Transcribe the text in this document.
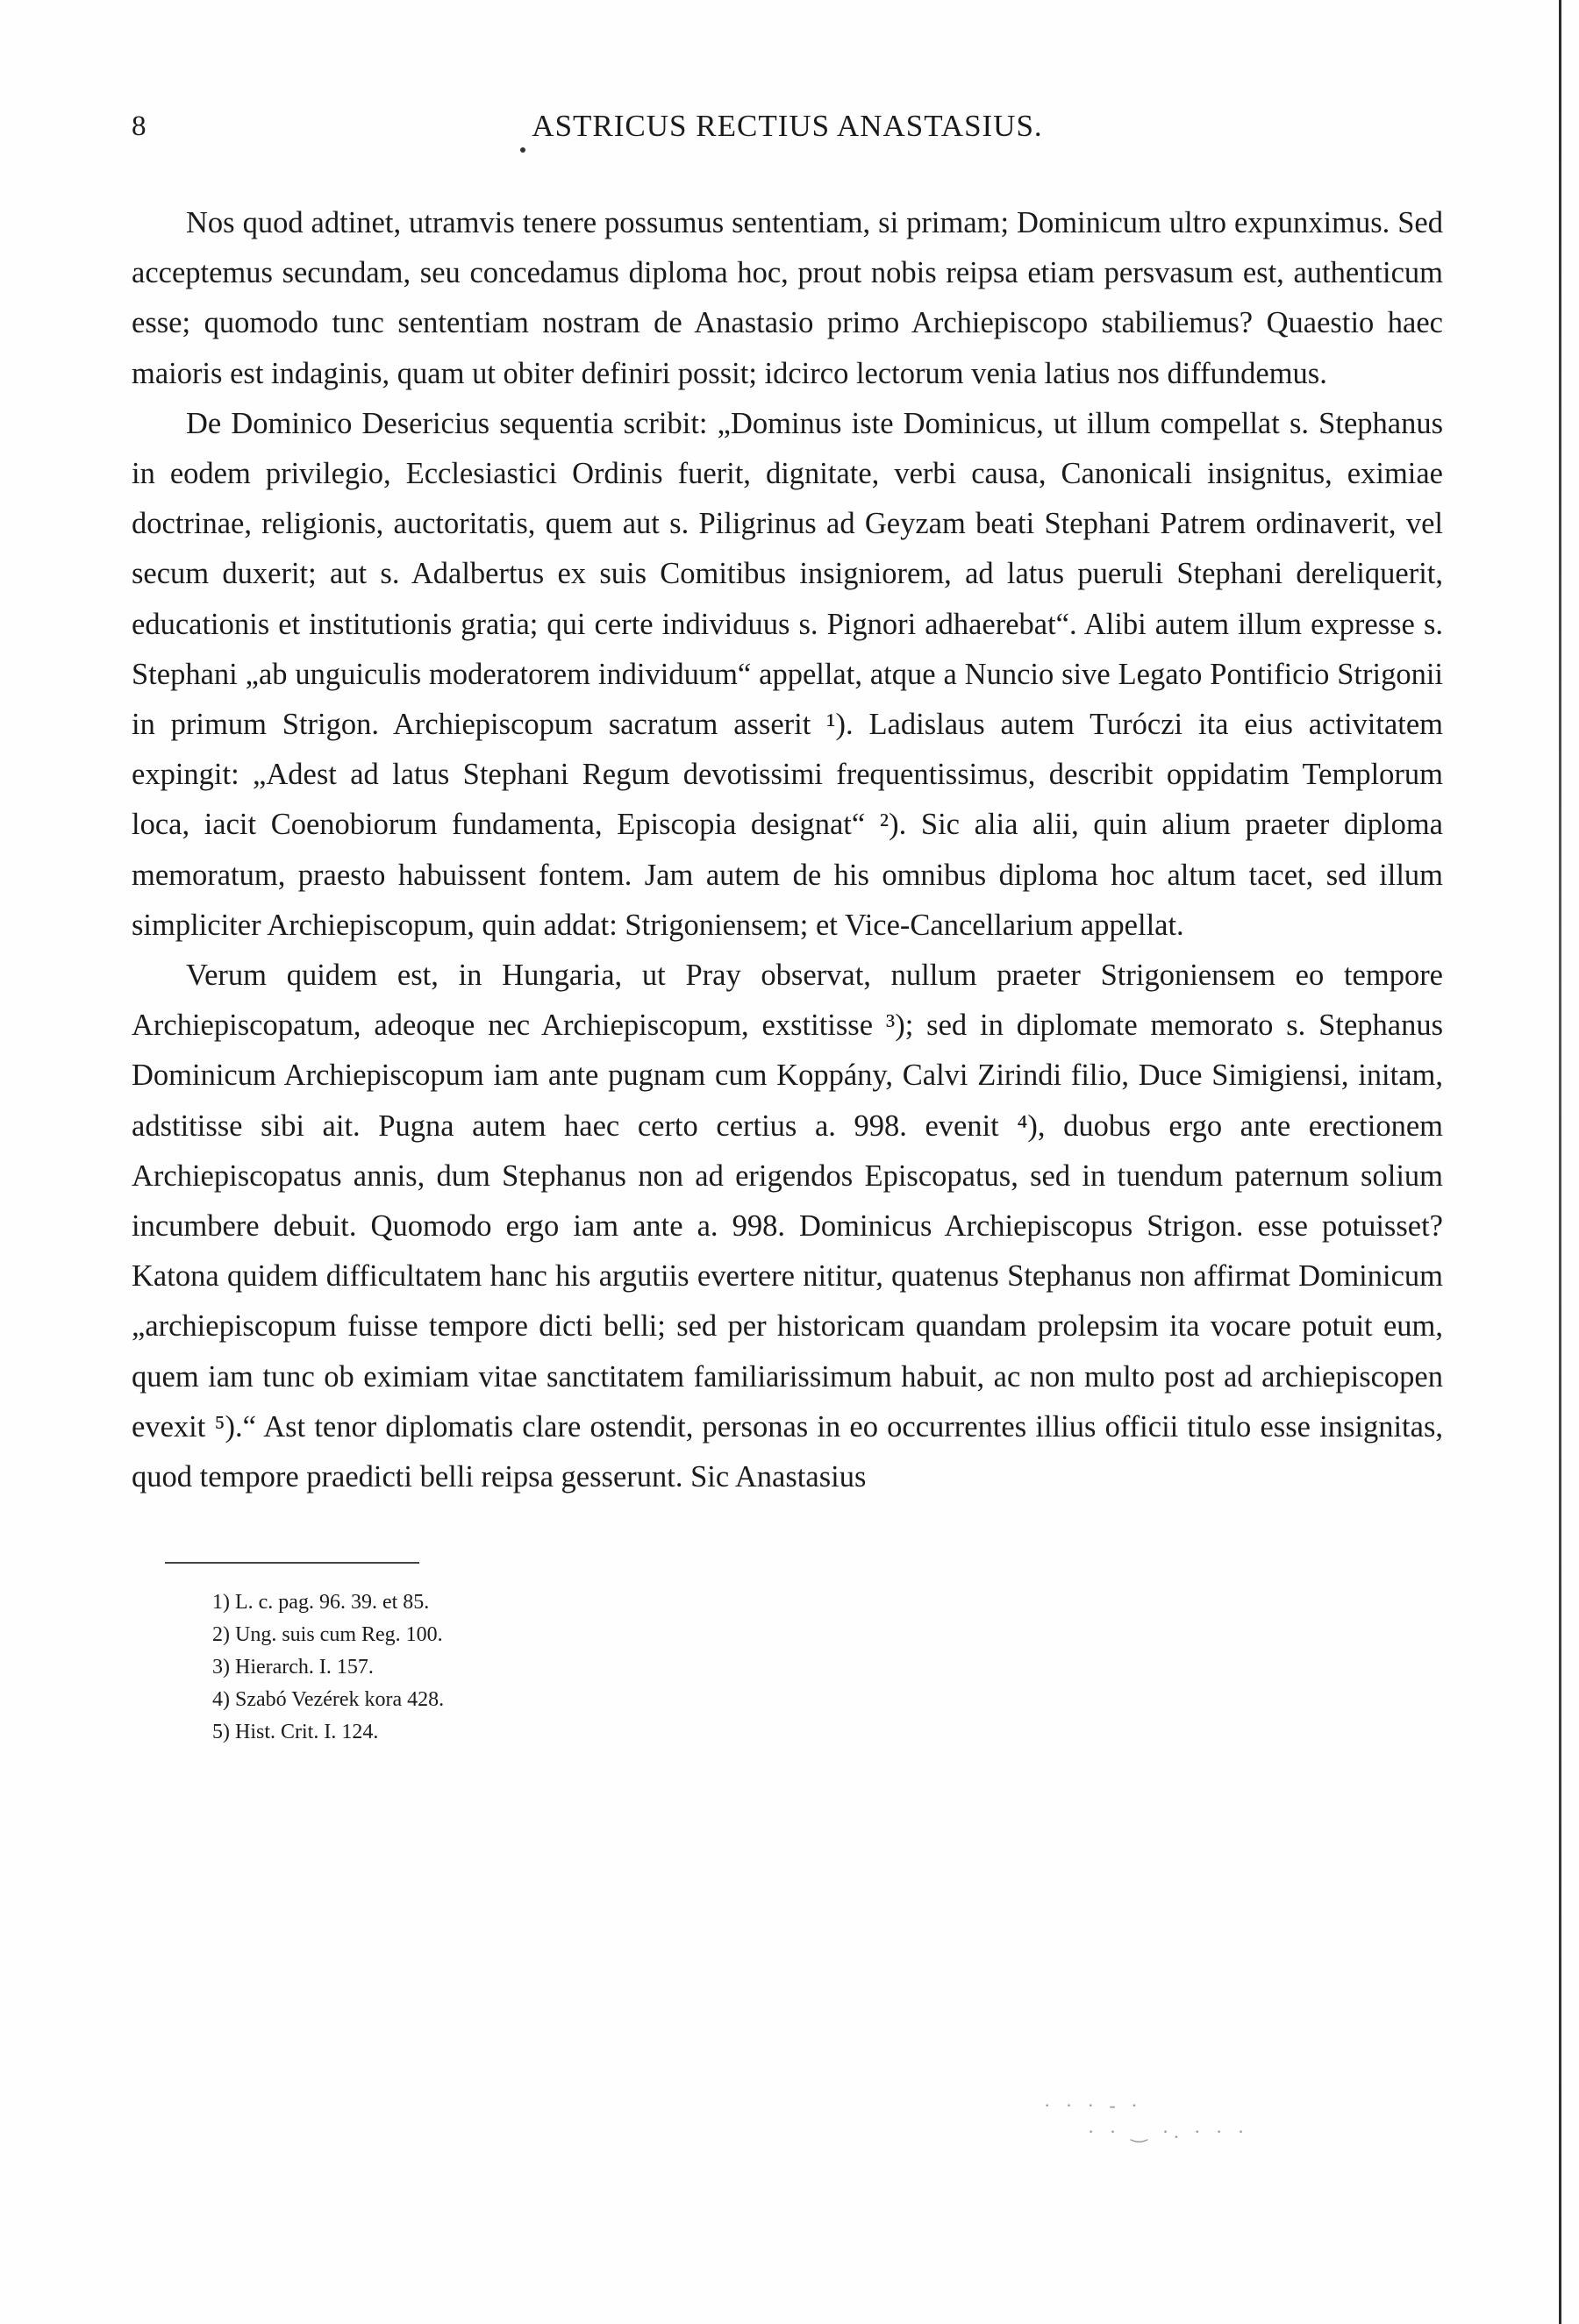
8	ASTRICUS RECTIUS ANASTASIUS.

Nos quod adtinet, utramvis tenere possumus sententiam, si primam; Dominicum ultro expunximus. Sed acceptemus secundam, seu concedamus diploma hoc, prout nobis reipsa etiam persvasum est, authenticum esse; quomodo tunc sententiam nostram de Anastasio primo Archiepiscopo stabiliemus? Quaestio haec maioris est indaginis, quam ut obiter definiri possit; idcirco lectorum venia latius nos diffundemus.

De Dominico Desericius sequentia scribit: „Dominus iste Dominicus, ut illum compellat s. Stephanus in eodem privilegio, Ecclesiastici Ordinis fuerit, dignitate, verbi causa, Canonicali insignitus, eximiae doctrinae, religionis, auctoritatis, quem aut s. Piligrinus ad Geyzam beati Stephani Patrem ordinaverit, vel secum duxerit; aut s. Adalbertus ex suis Comitibus insigniorem, ad latus pueruli Stephani dereliquerit, educationis et institutionis gratia; qui certe individuus s. Pignori adhaerebat“. Alibi autem illum expresse s. Stephani „ab unguiculis moderatorem individuum“ appellat, atque a Nuncio sive Legato Pontificio Strigonii in primum Strigon. Archiepiscopum sacratum asserit ¹). Ladislaus autem Turóczi ita eius activitatem expingit: „Adest ad latus Stephani Regum devotissimi frequentissimus, describit oppidatim Templorum loca, iacit Coenobiorum fundamenta, Episcopia designat“ ²). Sic alia alii, quin alium praeter diploma memoratum, praesto habuissent fontem. Jam autem de his omnibus diploma hoc altum tacet, sed illum simpliciter Archiepiscopum, quin addat: Strigoniensem; et Vice-Cancellarium appellat.

Verum quidem est, in Hungaria, ut Pray observat, nullum praeter Strigoniensem eo tempore Archiepiscopatum, adeoque nec Archiepiscopum, exstitisse ³); sed in diplomate memorato s. Stephanus Dominicum Archiepiscopum iam ante pugnam cum Koppány, Calvi Zirindi filio, Duce Simigiensi, initam, adstitisse sibi ait. Pugna autem haec certo certius a. 998. evenit ⁴), duobus ergo ante erectionem Archiepiscopatus annis, dum Stephanus non ad erigendos Episcopatus, sed in tuendum paternum solium incumbere debuit. Quomodo ergo iam ante a. 998. Dominicus Archiepiscopus Strigon. esse potuisset? Katona quidem difficultatem hanc his argutiis evertere nititur, quatenus Stephanus non affirmat Dominicum „archiepiscopum fuisse tempore dicti belli; sed per historicam quandam prolepsim ita vocare potuit eum, quem iam tunc ob eximiam vitae sanctitatem familiarissimum habuit, ac non multo post ad archiepiscopen evexit ⁵).“ Ast tenor diplomatis clare ostendit, personas in eo occurrentes illius officii titulo esse insignitas, quod tempore praedicti belli reipsa gesserunt. Sic Anastasius

1) L. c. pag. 96. 39. et 85.
2) Ung. suis cum Reg. 100.
3) Hierarch. I. 157.
4) Szabó Vezérek kora 428.
5) Hist. Crit. I. 124.
· · · - ·
· · ‿ ·. · · ·
